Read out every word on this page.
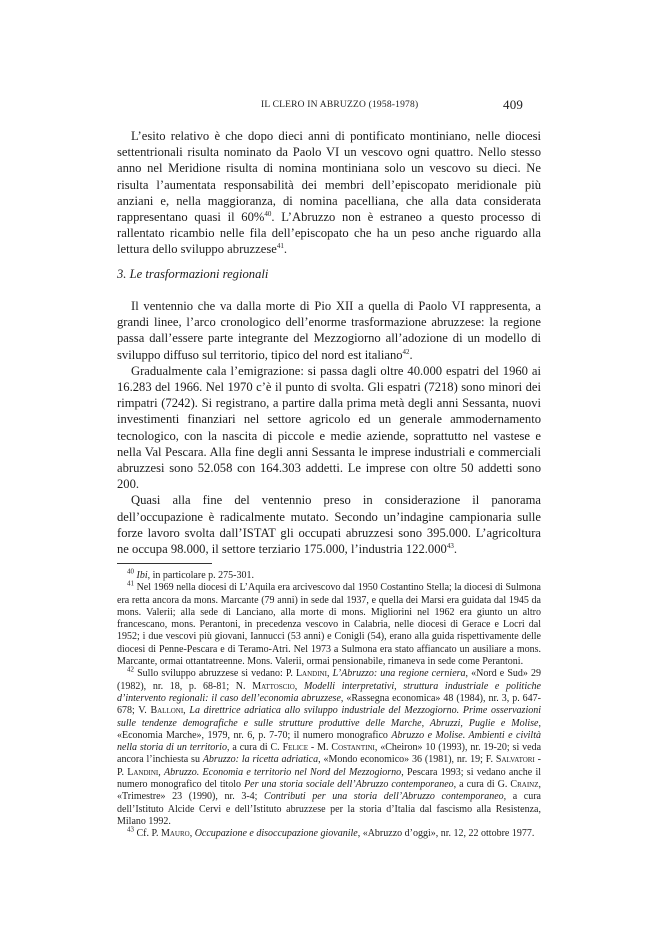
IL CLERO IN ABRUZZO (1958-1978)	409

L’esito relativo è che dopo dieci anni di pontificato montiniano, nelle diocesi settentrionali risulta nominato da Paolo VI un vescovo ogni quattro. Nello stesso anno nel Meridione risulta di nomina montiniana solo un vescovo su dieci. Ne risulta l’aumentata responsabilità dei membri dell’episcopato meridionale più anziani e, nella maggioranza, di nomina pacelliana, che alla data considerata rappresentano quasi il 60%$^{40}$. L’Abruzzo non è estraneo a questo processo di rallentato ricambio nelle fila dell’episcopato che ha un peso anche riguardo alla lettura dello sviluppo abruzzese$^{41}$.

3. Le trasformazioni regionali

Il ventennio che va dalla morte di Pio XII a quella di Paolo VI rappresenta, a grandi linee, l’arco cronologico dell’enorme trasformazione abruzzese: la regione passa dall’essere parte integrante del Mezzogiorno all’adozione di un modello di sviluppo diffuso sul territorio, tipico del nord est italiano$^{42}$.

Gradualmente cala l’emigrazione: si passa dagli oltre 40.000 espatri del 1960 ai 16.283 del 1966. Nel 1970 c’è il punto di svolta. Gli espatri (7218) sono minori dei rimpatri (7242). Si registrano, a partire dalla prima metà degli anni Sessanta, nuovi investimenti finanziari nel settore agricolo ed un generale ammodernamento tecnologico, con la nascita di piccole e medie aziende, soprattutto nel vastese e nella Val Pescara. Alla fine degli anni Sessanta le imprese industriali e commerciali abruzzesi sono 52.058 con 164.303 addetti. Le imprese con oltre 50 addetti sono 200.

Quasi alla fine del ventennio preso in considerazione il panorama dell’occupazione è radicalmente mutato. Secondo un’indagine campionaria sulle forze lavoro svolta dall’ISTAT gli occupati abruzzesi sono 395.000. L’agricoltura ne occupa 98.000, il settore terziario 175.000, l’industria 122.000$^{43}$.

$^{40}$ Ibi, in particolare p. 275-301.

$^{41}$ Nel 1969 nella diocesi di L’Aquila era arcivescovo dal 1950 Costantino Stella; la diocesi di Sulmona era retta ancora da mons. Marcante (79 anni) in sede dal 1937, e quella dei Marsi era guidata dal 1945 da mons. Valerii; alla sede di Lanciano, alla morte di mons. Migliorini nel 1962 era giunto un altro francescano, mons. Perantoni, in precedenza vescovo in Calabria, nelle diocesi di Gerace e Locri dal 1952; i due vescovi più giovani, Iannucci (53 anni) e Conigli (54), erano alla guida rispettivamente delle diocesi di Penne-Pescara e di Teramo-Atri. Nel 1973 a Sulmona era stato affiancato un ausiliare a mons. Marcante, ormai ottantatreenne. Mons. Valerii, ormai pensionabile, rimaneva in sede come Perantoni.

$^{42}$ Sullo sviluppo abruzzese si vedano: P. Landini, L’Abruzzo: una regione cerniera, «Nord e Sud» 29 (1982), nr. 18, p. 68-81; N. Mattoscio, Modelli interpretativi, struttura industriale e politiche d’intervento regionali: il caso dell’economia abruzzese, «Rassegna economica» 48 (1984), nr. 3, p. 647-678; V. Balloni, La direttrice adriatica allo sviluppo industriale del Mezzogiorno. Prime osservazioni sulle tendenze demografiche e sulle strutture produttive delle Marche, Abruzzi, Puglie e Molise, «Economia Marche», 1979, nr. 6, p. 7-70; il numero monografico Abruzzo e Molise. Ambienti e civiltà nella storia di un territorio, a cura di C. Felice - M. Costantini, «Cheiron» 10 (1993), nr. 19-20; si veda ancora l’inchiesta su Abruzzo: la ricetta adriatica, «Mondo economico» 36 (1981), nr. 19; F. Salvatori - P. Landini, Abruzzo. Economia e territorio nel Nord del Mezzogiorno, Pescara 1993; si vedano anche il numero monografico del titolo Per una storia sociale dell’Abruzzo contemporaneo, a cura di G. Crainz, «Trimestre» 23 (1990), nr. 3-4; Contributi per una storia dell’Abruzzo contemporaneo, a cura dell’Istituto Alcide Cervi e dell’Istituto abruzzese per la storia d’Italia dal fascismo alla Resistenza, Milano 1992.

$^{43}$ Cf. P. Mauro, Occupazione e disoccupazione giovanile, «Abruzzo d’oggi», nr. 12, 22 ottobre 1977.
